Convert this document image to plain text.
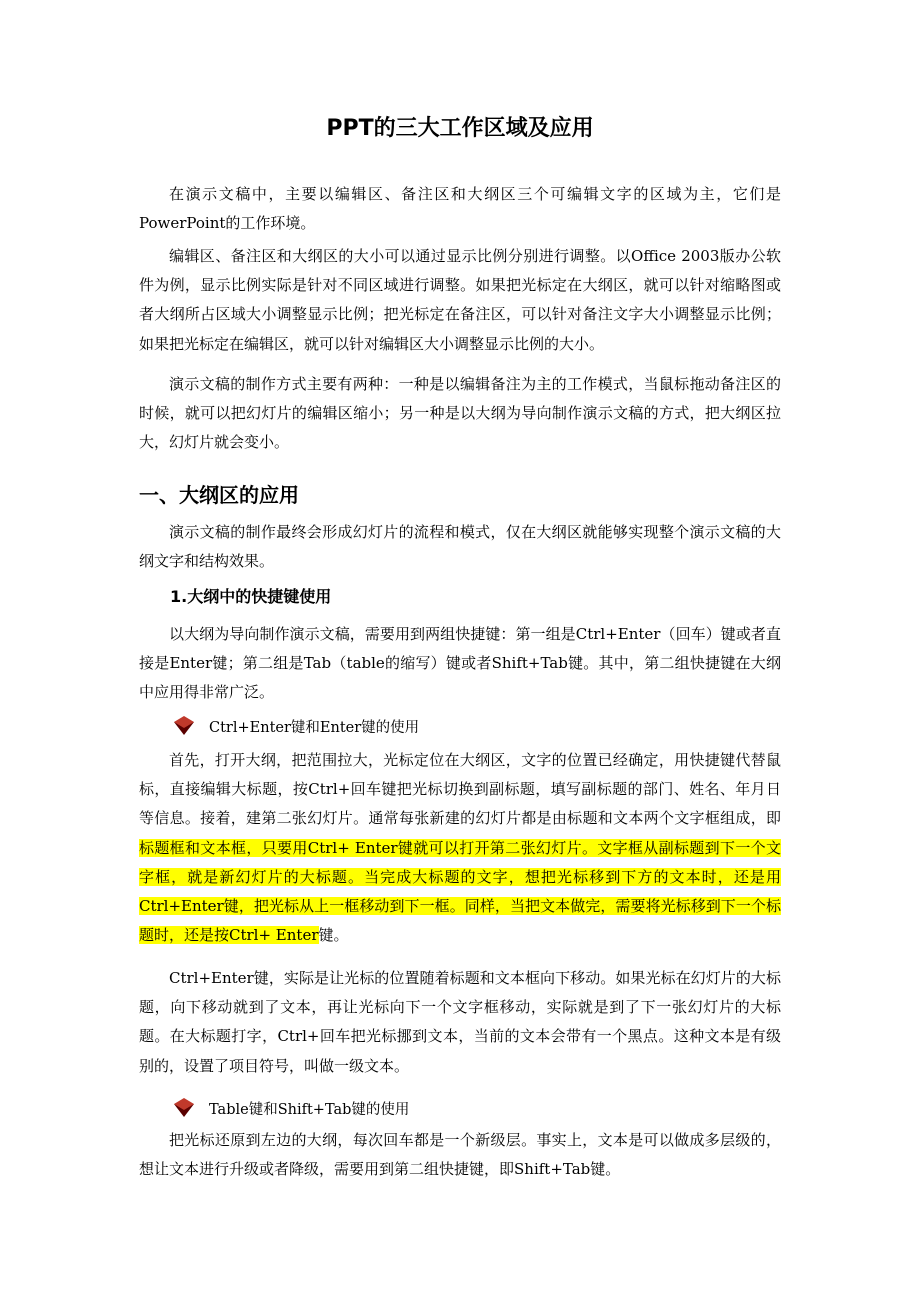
PPT的三大工作区域及应用

在演示文稿中，主要以编辑区、备注区和大纲区三个可编辑文字的区域为主，它们是PowerPoint的工作环境。

编辑区、备注区和大纲区的大小可以通过显示比例分别进行调整。以Office 2003版办公软件为例，显示比例实际是针对不同区域进行调整。如果把光标定在大纲区，就可以针对缩略图或者大纲所占区域大小调整显示比例；把光标定在备注区，可以针对备注文字大小调整显示比例；如果把光标定在编辑区，就可以针对编辑区大小调整显示比例的大小。

演示文稿的制作方式主要有两种：一种是以编辑备注为主的工作模式，当鼠标拖动备注区的时候，就可以把幻灯片的编辑区缩小；另一种是以大纲为导向制作演示文稿的方式，把大纲区拉大，幻灯片就会变小。

一、大纲区的应用

演示文稿的制作最终会形成幻灯片的流程和模式，仅在大纲区就能够实现整个演示文稿的大纲文字和结构效果。

1.大纲中的快捷键使用

以大纲为导向制作演示文稿，需要用到两组快捷键：第一组是Ctrl+Enter（回车）键或者直接是Enter键；第二组是Tab（table的缩写）键或者Shift+Tab键。其中，第二组快捷键在大纲中应用得非常广泛。

Ctrl+Enter键和Enter键的使用

首先，打开大纲，把范围拉大，光标定位在大纲区，文字的位置已经确定，用快捷键代替鼠标，直接编辑大标题，按Ctrl+回车键把光标切换到副标题，填写副标题的部门、姓名、年月日等信息。接着，建第二张幻灯片。通常每张新建的幻灯片都是由标题和文本两个文字框组成，即标题框和文本框，只要用Ctrl+ Enter键就可以打开第二张幻灯片。文字框从副标题到下一个文字框，就是新幻灯片的大标题。当完成大标题的文字，想把光标移到下方的文本时，还是用Ctrl+Enter键，把光标从上一框移动到下一框。同样，当把文本做完，需要将光标移到下一个标题时，还是按Ctrl+ Enter键。

Ctrl+Enter键，实际是让光标的位置随着标题和文本框向下移动。如果光标在幻灯片的大标题，向下移动就到了文本，再让光标向下一个文字框移动，实际就是到了下一张幻灯片的大标题。在大标题打字，Ctrl+回车把光标挪到文本，当前的文本会带有一个黑点。这种文本是有级别的，设置了项目符号，叫做一级文本。

Table键和Shift+Tab键的使用

把光标还原到左边的大纲，每次回车都是一个新级层。事实上，文本是可以做成多层级的，想让文本进行升级或者降级，需要用到第二组快捷键，即Shift+Tab键。
